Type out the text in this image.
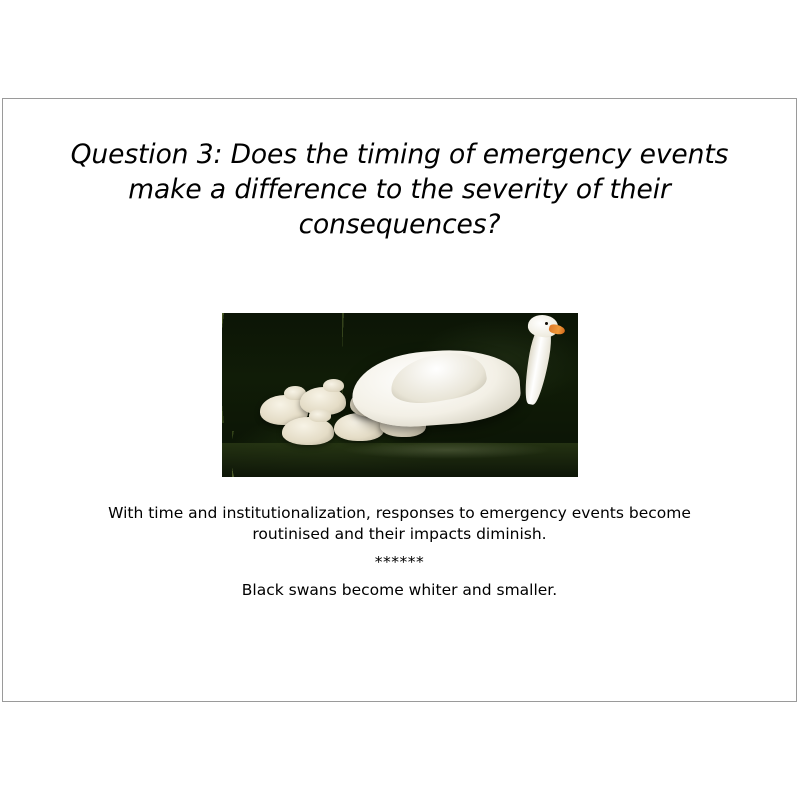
Question 3: Does the timing of emergency events make a difference to the severity of their consequences?
With time and institutionalization, responses to emergency events become routinised and their impacts diminish.
******
Black swans become whiter and smaller.
